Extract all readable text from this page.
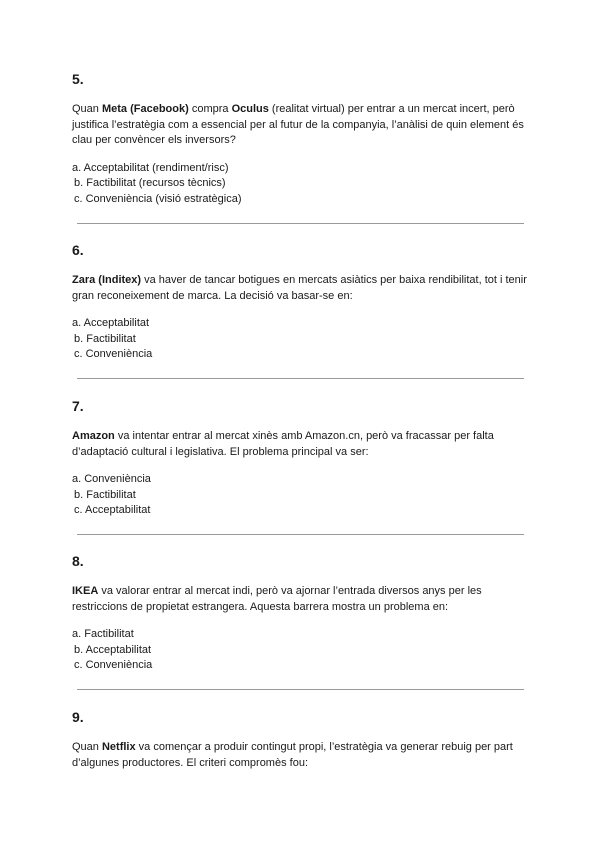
5.

Quan Meta (Facebook) compra Oculus (realitat virtual) per entrar a un mercat incert, però justifica l’estratègia com a essencial per al futur de la companyia, l’anàlisi de quin element és clau per convèncer els inversors?

a. Acceptabilitat (rendiment/risc)
b. Factibilitat (recursos tècnics)
c. Conveniència (visió estratègica)
6.

Zara (Inditex) va haver de tancar botigues en mercats asiàtics per baixa rendibilitat, tot i tenir gran reconeixement de marca. La decisió va basar-se en:

a. Acceptabilitat
b. Factibilitat
c. Conveniència
7.

Amazon va intentar entrar al mercat xinès amb Amazon.cn, però va fracassar per falta d’adaptació cultural i legislativa. El problema principal va ser:

a. Conveniència
b. Factibilitat
c. Acceptabilitat
8.

IKEA va valorar entrar al mercat indi, però va ajornar l’entrada diversos anys per les restriccions de propietat estrangera. Aquesta barrera mostra un problema en:

a. Factibilitat
b. Acceptabilitat
c. Conveniència
9.

Quan Netflix va començar a produir contingut propi, l’estratègia va generar rebuig per part d’algunes productores. El criteri compromès fou:
